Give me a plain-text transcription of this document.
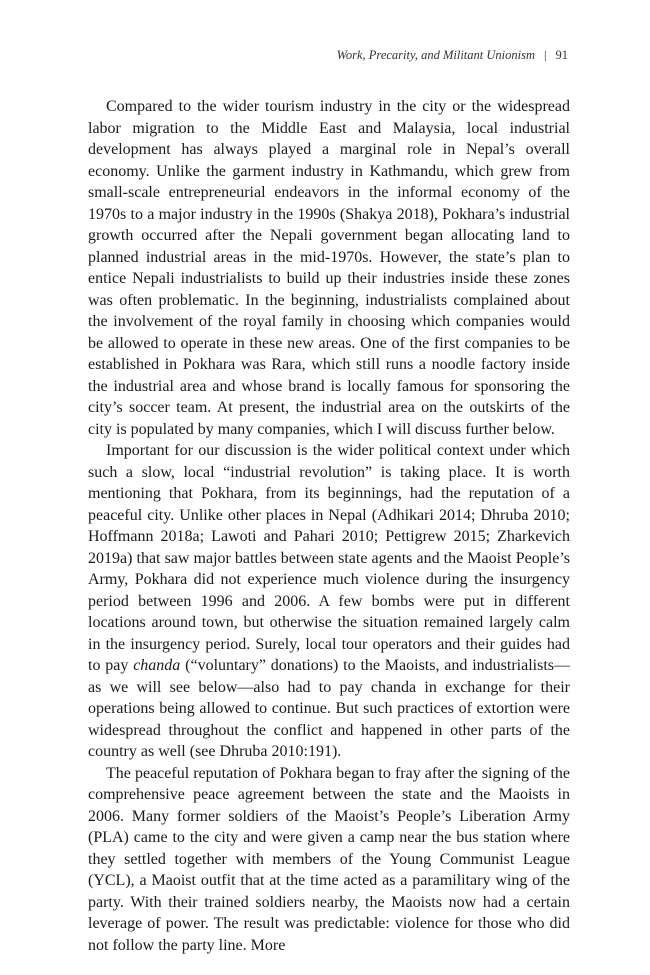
Work, Precarity, and Militant Unionism | 91

Compared to the wider tourism industry in the city or the widespread labor migration to the Middle East and Malaysia, local industrial development has always played a marginal role in Nepal’s overall economy. Unlike the garment industry in Kathmandu, which grew from small-scale entrepreneurial endeavors in the informal economy of the 1970s to a major industry in the 1990s (Shakya 2018), Pokhara’s industrial growth occurred after the Nepali government began allocating land to planned industrial areas in the mid-1970s. However, the state’s plan to entice Nepali industrialists to build up their industries inside these zones was often problematic. In the beginning, industrialists complained about the involvement of the royal family in choosing which companies would be allowed to operate in these new areas. One of the first companies to be established in Pokhara was Rara, which still runs a noodle factory inside the industrial area and whose brand is locally famous for sponsoring the city’s soccer team. At present, the industrial area on the outskirts of the city is populated by many companies, which I will discuss further below.

Important for our discussion is the wider political context under which such a slow, local “industrial revolution” is taking place. It is worth mentioning that Pokhara, from its beginnings, had the reputation of a peaceful city. Unlike other places in Nepal (Adhikari 2014; Dhruba 2010; Hoffmann 2018a; Lawoti and Pahari 2010; Pettigrew 2015; Zharkevich 2019a) that saw major battles between state agents and the Maoist People’s Army, Pokhara did not experience much violence during the insurgency period between 1996 and 2006. A few bombs were put in different locations around town, but otherwise the situation remained largely calm in the insurgency period. Surely, local tour operators and their guides had to pay chanda (“voluntary” donations) to the Maoists, and industrialists—as we will see below—also had to pay chanda in exchange for their operations being allowed to continue. But such practices of extortion were widespread throughout the conflict and happened in other parts of the country as well (see Dhruba 2010:191).

The peaceful reputation of Pokhara began to fray after the signing of the comprehensive peace agreement between the state and the Maoists in 2006. Many former soldiers of the Maoist’s People’s Liberation Army (PLA) came to the city and were given a camp near the bus station where they settled together with members of the Young Communist League (YCL), a Maoist outfit that at the time acted as a paramilitary wing of the party. With their trained soldiers nearby, the Maoists now had a certain leverage of power. The result was predictable: violence for those who did not follow the party line. More
